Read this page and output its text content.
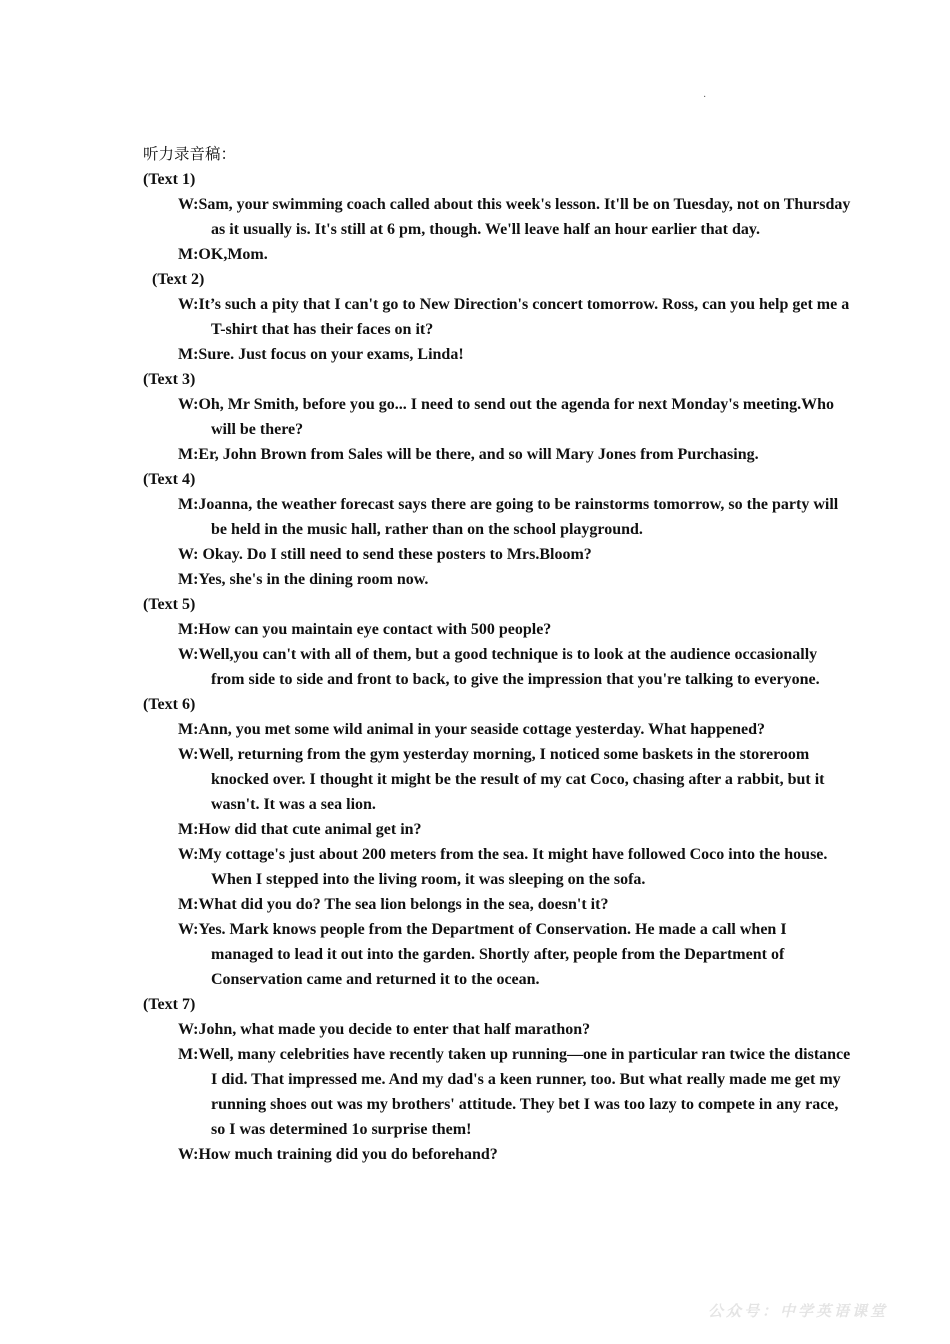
·
听力录音稿：
(Text 1)
W:Sam, your swimming coach called about this week's lesson. It'll be on Tuesday, not on Thursday as it usually is. It's still at 6 pm, though. We'll leave half an hour earlier that day.
M:OK,Mom.
(Text 2)
W:It’s such a pity that I can't go to New Direction's concert tomorrow. Ross, can you help get me a T-shirt that has their faces on it?
M:Sure. Just focus on your exams, Linda!
(Text 3)
W:Oh, Mr Smith, before you go... I need to send out the agenda for next Monday's meeting.Who will be there?
M:Er, John Brown from Sales will be there, and so will Mary Jones from Purchasing.
(Text 4)
M:Joanna, the weather forecast says there are going to be rainstorms tomorrow, so the party will be held in the music hall, rather than on the school playground.
W: Okay. Do I still need to send these posters to Mrs.Bloom?
M:Yes, she's in the dining room now.
(Text 5)
M:How can you maintain eye contact with 500 people?
W:Well,you can't with all of them, but a good technique is to look at the audience occasionally from side to side and front to back, to give the impression that you're talking to everyone.
(Text 6)
M:Ann, you met some wild animal in your seaside cottage yesterday. What happened?
W:Well, returning from the gym yesterday morning, I noticed some baskets in the storeroom knocked over. I thought it might be the result of my cat Coco, chasing after a rabbit, but it wasn't. It was a sea lion.
M:How did that cute animal get in?
W:My cottage's just about 200 meters from the sea. It might have followed Coco into the house. When I stepped into the living room, it was sleeping on the sofa.
M:What did you do? The sea lion belongs in the sea, doesn't it?
W:Yes. Mark knows people from the Department of Conservation. He made a call when I managed to lead it out into the garden. Shortly after, people from the Department of Conservation came and returned it to the ocean.
(Text 7)
W:John, what made you decide to enter that half marathon?
M:Well, many celebrities have recently taken up running—one in particular ran twice the distance I did. That impressed me. And my dad's a keen runner, too. But what really made me get my running shoes out was my brothers' attitude. They bet I was too lazy to compete in any race, so I was determined 1o surprise them!
W:How much training did you do beforehand?
公众号：中学英语课堂
